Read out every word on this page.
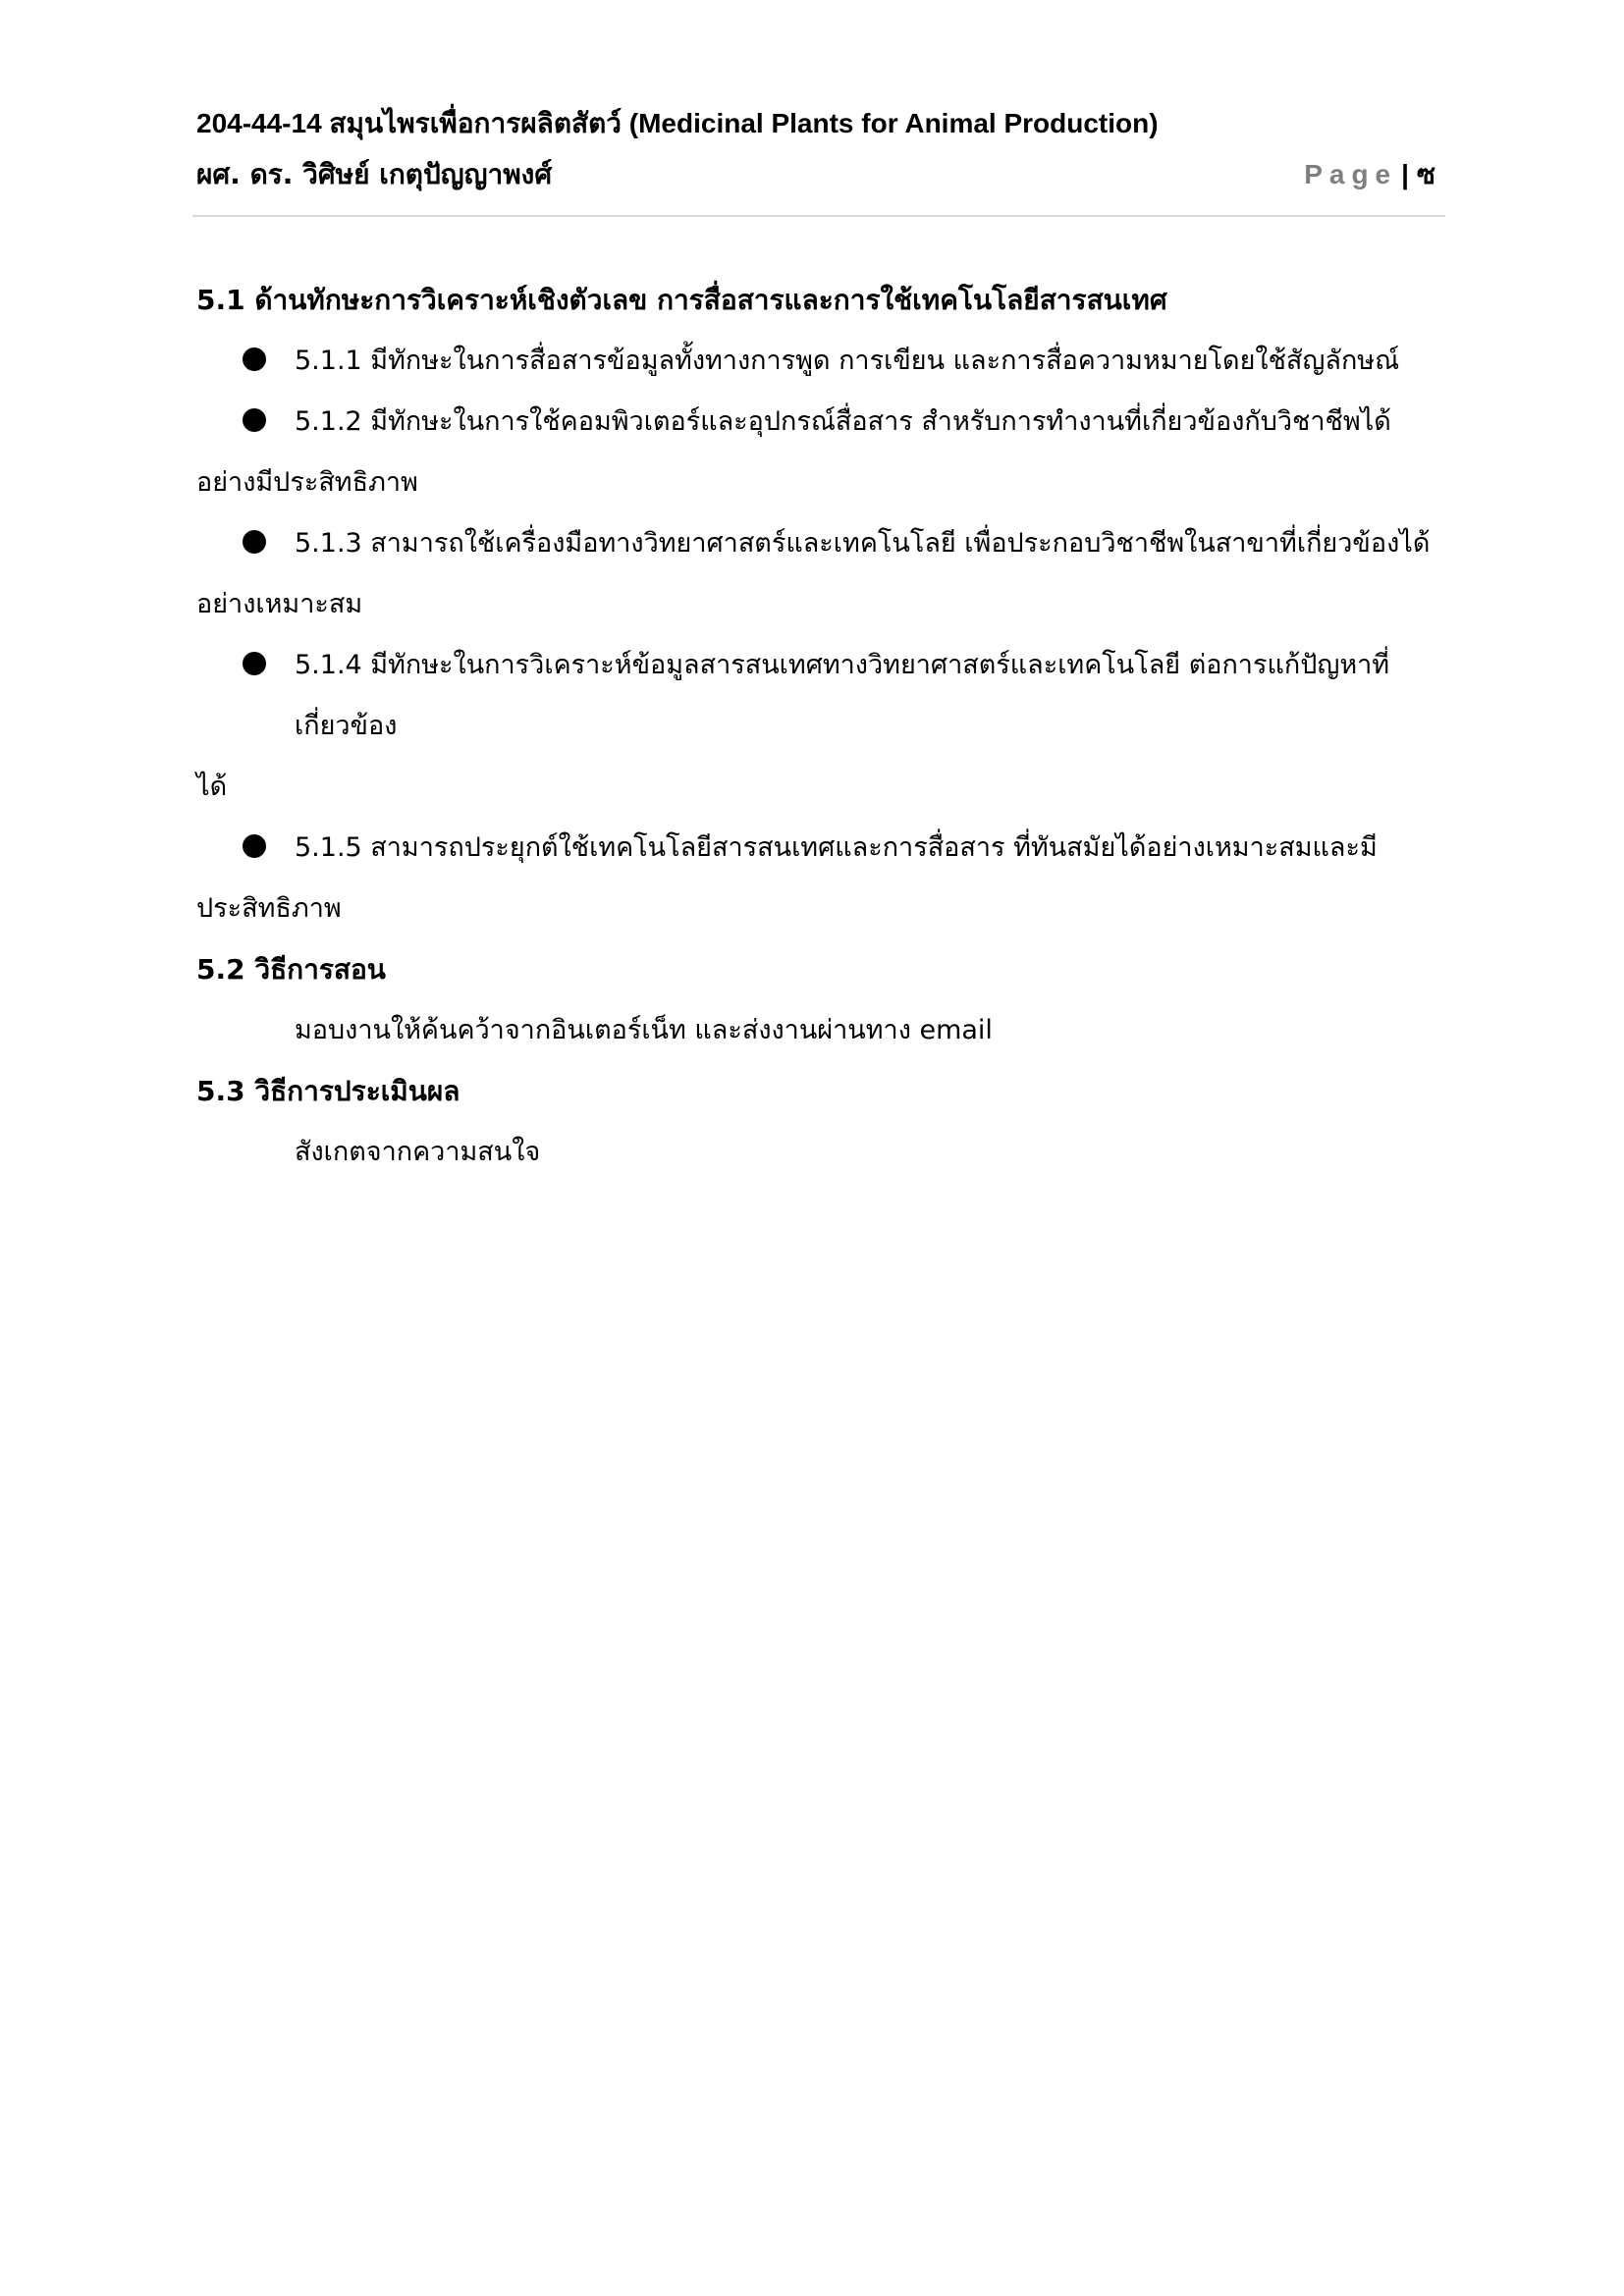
204-44-14 สมุนไพรเพื่อการผลิตสัตว์ (Medicinal Plants for Animal Production)
ผศ. ดร. วิศิษย์ เกตุปัญญาพงศ์	Page | ซ
5.1 ด้านทักษะการวิเคราะห์เชิงตัวเลข การสื่อสารและการใช้เทคโนโลยีสารสนเทศ
5.1.1 มีทักษะในการสื่อสารข้อมูลทั้งทางการพูด การเขียน และการสื่อความหมายโดยใช้สัญลักษณ์
5.1.2 มีทักษะในการใช้คอมพิวเตอร์และอุปกรณ์สื่อสาร สำหรับการทำงานที่เกี่ยวข้องกับวิชาชีพได้
อย่างมีประสิทธิภาพ
5.1.3 สามารถใช้เครื่องมือทางวิทยาศาสตร์และเทคโนโลยี เพื่อประกอบวิชาชีพในสาขาที่เกี่ยวข้องได้
อย่างเหมาะสม
5.1.4 มีทักษะในการวิเคราะห์ข้อมูลสารสนเทศทางวิทยาศาสตร์และเทคโนโลยี ต่อการแก้ปัญหาที่เกี่ยวข้อง
ได้
5.1.5 สามารถประยุกต์ใช้เทคโนโลยีสารสนเทศและการสื่อสาร ที่ทันสมัยได้อย่างเหมาะสมและมี
ประสิทธิภาพ
5.2 วิธีการสอน
มอบงานให้ค้นคว้าจากอินเตอร์เน็ท และส่งงานผ่านทาง email
5.3 วิธีการประเมินผล
สังเกตจากความสนใจ
